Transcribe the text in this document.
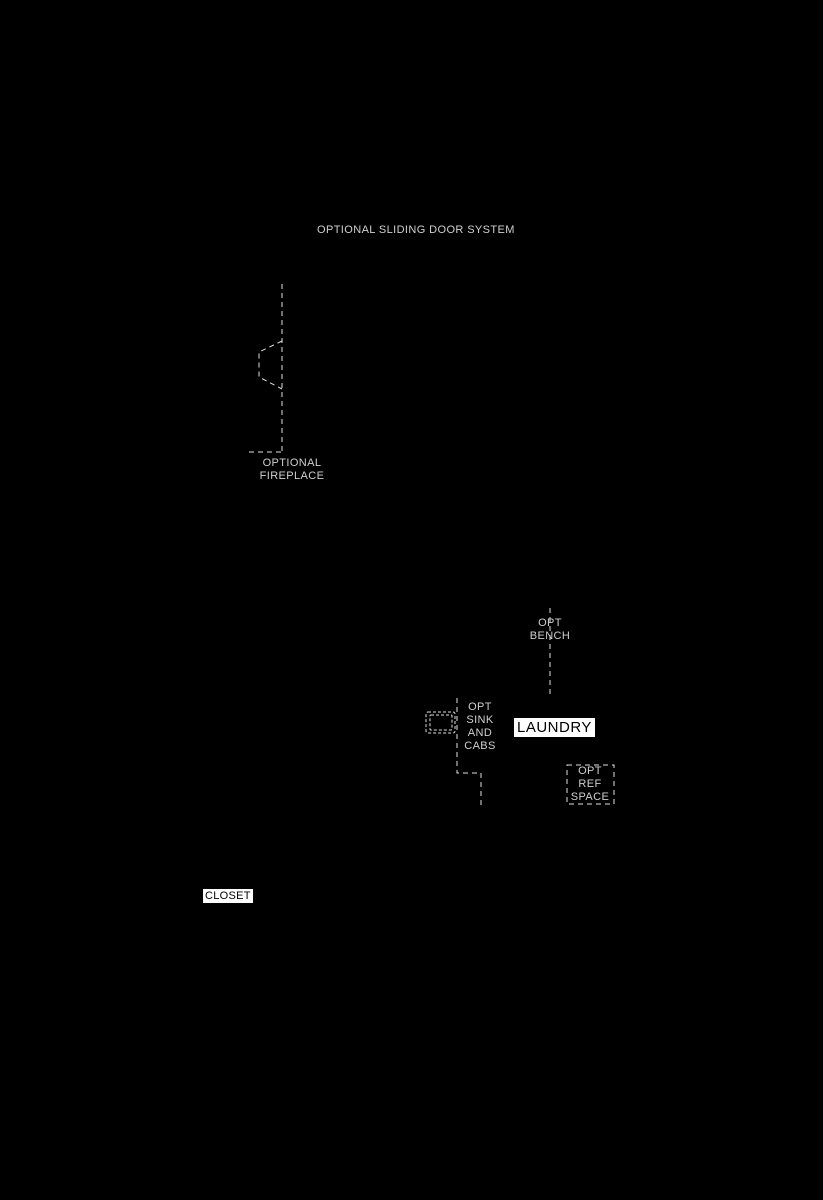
OPTIONAL SLIDING DOOR SYSTEM
OPTIONAL
FIREPLACE
OPT
BENCH
OPT
SINK
AND
CABS
OPT
REF
SPACE
LAUNDRY
CLOSET
